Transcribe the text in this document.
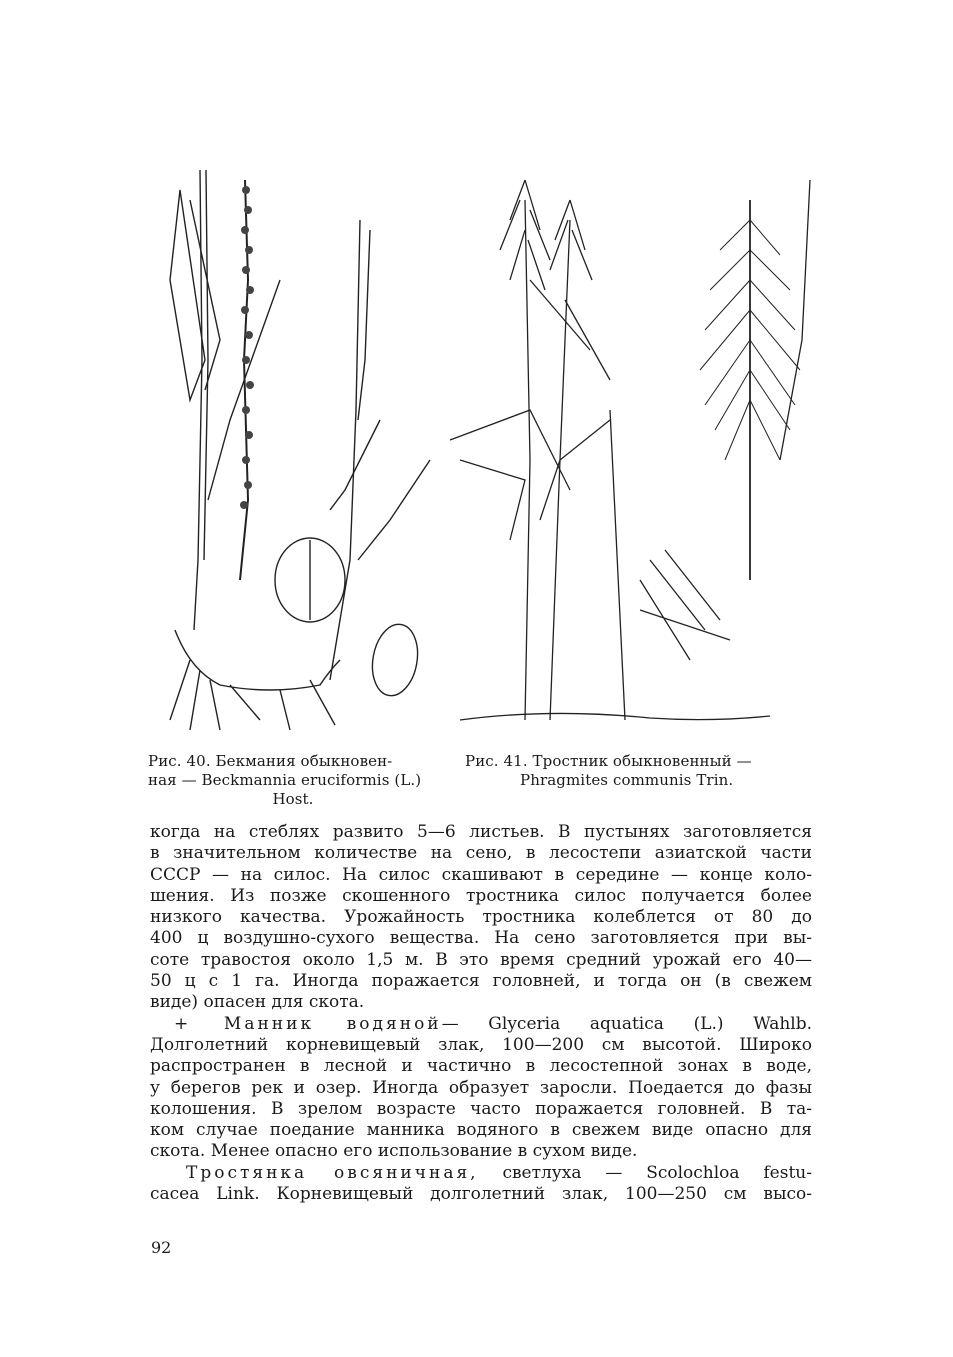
Рис. 40. Бекмания обыкновен-
ная — Beckmannia eruciformis (L.)
Host.
Рис. 41. Тростник обыкновенный —
Phragmites communis Trin.
когда на стеблях развито 5—6 листьев. В пустынях заготовляется
в значительном количестве на сено, в лесостепи азиатской части
СССР — на силос. На силос скашивают в середине — конце коло-
шения. Из позже скошенного тростника силос получается более
низкого качества. Урожайность тростника колеблется от 80 до
400 ц воздушно-сухого вещества. На сено заготовляется при вы-
соте травостоя около 1,5 м. В это время средний урожай его 40—
50 ц с 1 га. Иногда поражается головней, и тогда он (в свежем
виде) опасен для скота.
+ Манник водяной— Glyceria aquatica (L.) Wahlb.
Долголетний корневищевый злак, 100—200 см высотой. Широко
распространен в лесной и частично в лесостепной зонах в воде,
у берегов рек и озер. Иногда образует заросли. Поедается до фазы
колошения. В зрелом возрасте часто поражается головней. В та-
ком случае поедание манника водяного в свежем виде опасно для
скота. Менее опасно его использование в сухом виде.
Тростянка овсяничная, светлуха — Scolochloa festu-
cacea Link. Корневищевый долголетний злак, 100—250 см высо-
92
